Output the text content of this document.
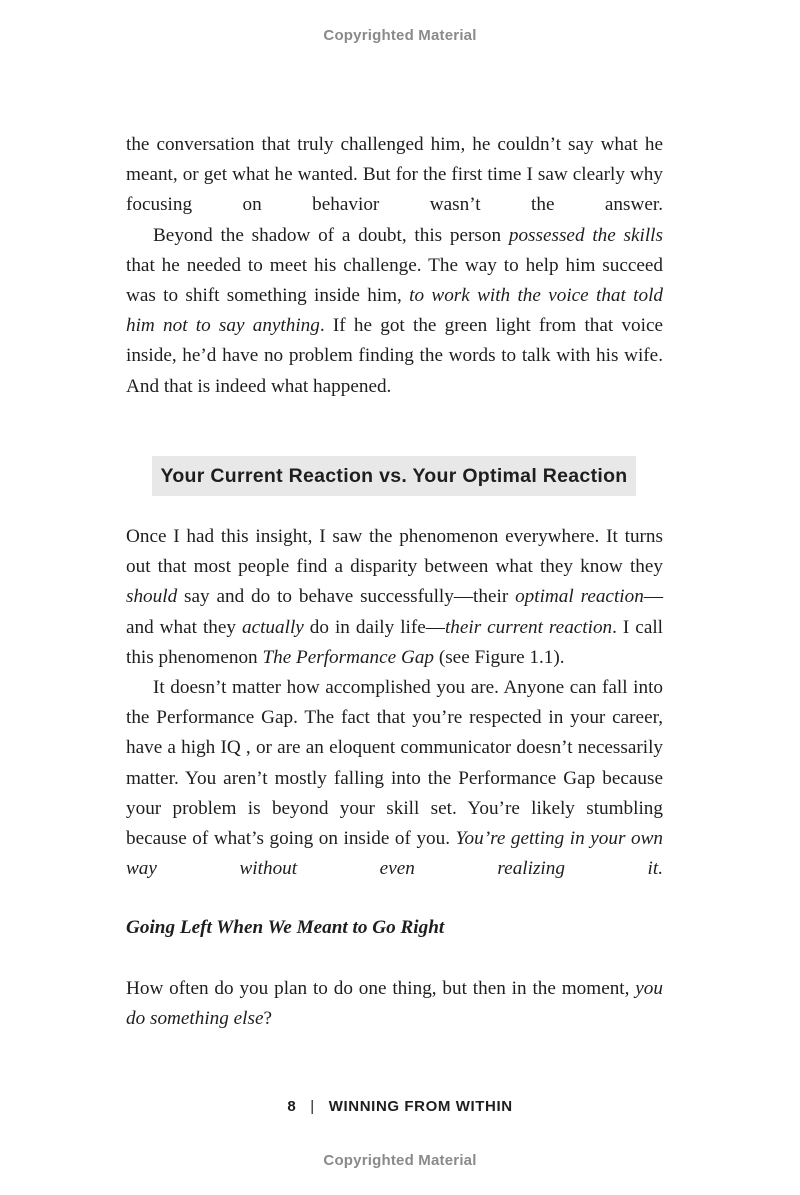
Copyrighted Material

the conversation that truly challenged him, he couldn’t say what he meant, or get what he wanted. But for the first time I saw clearly why focusing on behavior wasn’t the answer.

Beyond the shadow of a doubt, this person possessed the skills that he needed to meet his challenge. The way to help him succeed was to shift something inside him, to work with the voice that told him not to say anything. If he got the green light from that voice inside, he’d have no problem finding the words to talk with his wife. And that is indeed what happened.

Your Current Reaction vs. Your Optimal Reaction

Once I had this insight, I saw the phenomenon everywhere. It turns out that most people find a disparity between what they know they should say and do to behave successfully—their optimal reaction—and what they actually do in daily life—their current reaction. I call this phenomenon The Performance Gap (see Figure 1.1).

It doesn’t matter how accomplished you are. Anyone can fall into the Performance Gap. The fact that you’re respected in your career, have a high IQ , or are an eloquent communicator doesn’t necessarily matter. You aren’t mostly falling into the Performance Gap because your problem is beyond your skill set. You’re likely stumbling because of what’s going on inside of you. You’re getting in your own way without even realizing it.

Going Left When We Meant to Go Right

How often do you plan to do one thing, but then in the moment, you do something else?

8 | WINNING FROM WITHIN
Copyrighted Material
